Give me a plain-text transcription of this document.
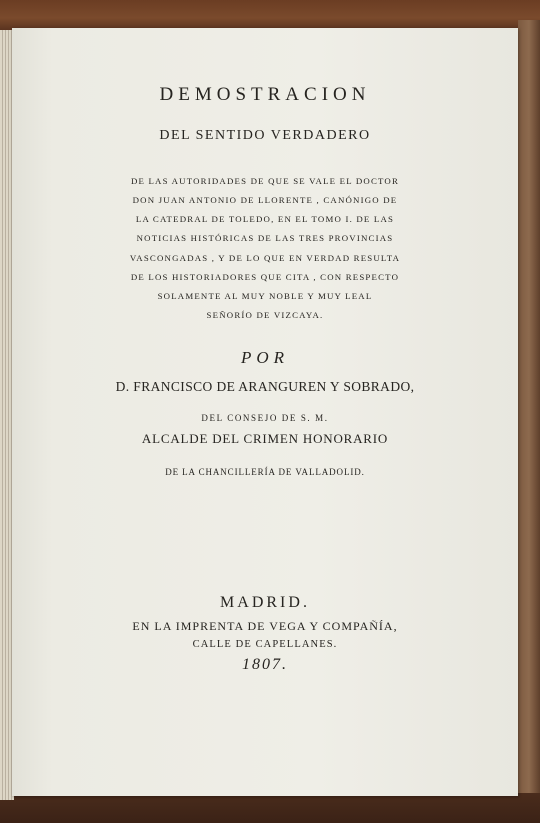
DEMOSTRACION
DEL SENTIDO VERDADERO
DE LAS AUTORIDADES DE QUE SE VALE EL DOCTOR
DON JUAN ANTONIO DE LLORENTE , CANÓNIGO DE
LA CATEDRAL DE TOLEDO, EN EL TOMO I. DE LAS
NOTICIAS HISTÓRICAS DE LAS TRES PROVINCIAS
VASCONGADAS , Y DE LO QUE EN VERDAD RESULTA
DE LOS HISTORIADORES QUE CITA , CON RESPECTO
SOLAMENTE AL MUY NOBLE Y MUY LEAL
SEÑORÍO DE VIZCAYA.
POR
D. FRANCISCO DE ARANGUREN Y SOBRADO,
DEL CONSEJO DE S. M.
ALCALDE DEL CRIMEN HONORARIO
DE LA CHANCILLERÍA DE VALLADOLID.
MADRID.
EN LA IMPRENTA DE VEGA Y COMPAÑÍA,
CALLE DE CAPELLANES.
1807.
